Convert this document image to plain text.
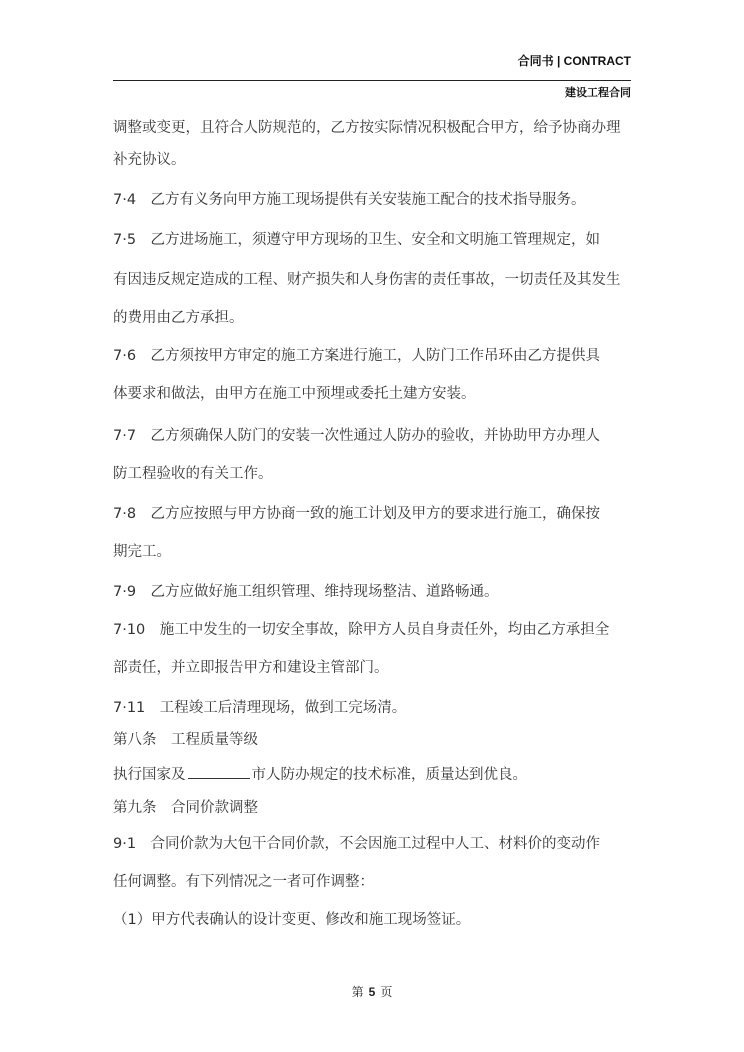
合同书 | CONTRACT
建设工程合同
调整或变更，且符合人防规范的，乙方按实际情况积极配合甲方，给予协商办理
补充协议。
7·4　乙方有义务向甲方施工现场提供有关安装施工配合的技术指导服务。
7·5　乙方进场施工，须遵守甲方现场的卫生、安全和文明施工管理规定，如
有因违反规定造成的工程、财产损失和人身伤害的责任事故，一切责任及其发生
的费用由乙方承担。
7·6　乙方须按甲方审定的施工方案进行施工，人防门工作吊环由乙方提供具
体要求和做法，由甲方在施工中预埋或委托土建方安装。
7·7　乙方须确保人防门的安装一次性通过人防办的验收，并协助甲方办理人
防工程验收的有关工作。
7·8　乙方应按照与甲方协商一致的施工计划及甲方的要求进行施工，确保按
期完工。
7·9　乙方应做好施工组织管理、维持现场整洁、道路畅通。
7·10　施工中发生的一切安全事故，除甲方人员自身责任外，均由乙方承担全
部责任，并立即报告甲方和建设主管部门。
7·11　工程竣工后清理现场，做到工完场清。
第八条　工程质量等级
执行国家及	市人防办规定的技术标准，质量达到优良。
第九条　合同价款调整
9·1　合同价款为大包干合同价款，不会因施工过程中人工、材料价的变动作
任何调整。有下列情况之一者可作调整：
（1）甲方代表确认的设计变更、修改和施工现场签证。
第 5 页
